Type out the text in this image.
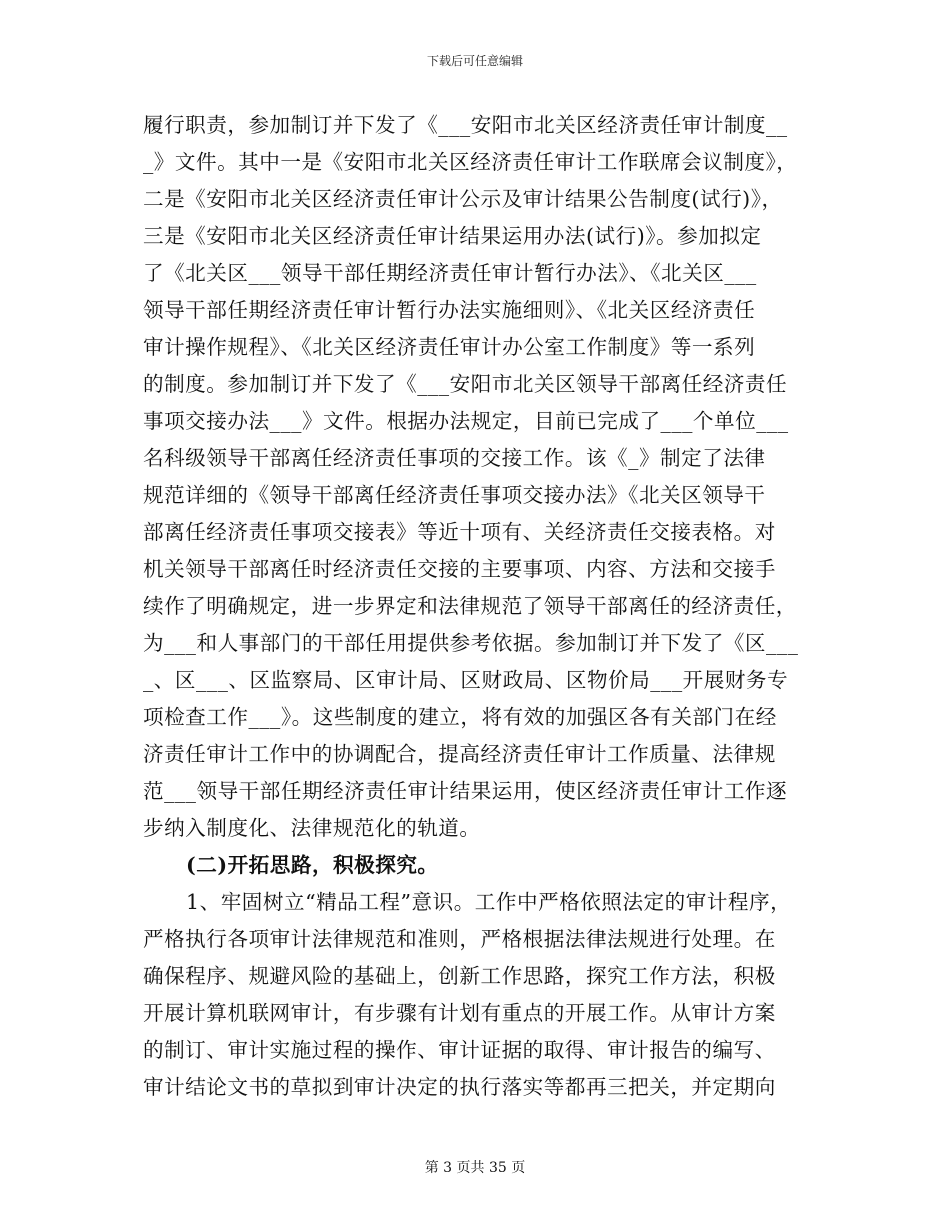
下载后可任意编辑
履行职责，参加制订并下发了《___安阳市北关区经济责任审计制度__
_》文件。其中一是《安阳市北关区经济责任审计工作联席会议制度》，
二是《安阳市北关区经济责任审计公示及审计结果公告制度(试行)》，
三是《安阳市北关区经济责任审计结果运用办法(试行)》。参加拟定
了《北关区___领导干部任期经济责任审计暂行办法》、《北关区___
领导干部任期经济责任审计暂行办法实施细则》、《北关区经济责任
审计操作规程》、《北关区经济责任审计办公室工作制度》等一系列
的制度。参加制订并下发了《___安阳市北关区领导干部离任经济责任
事项交接办法___》文件。根据办法规定，目前已完成了___个单位___
名科级领导干部离任经济责任事项的交接工作。该《_》制定了法律
规范详细的《领导干部离任经济责任事项交接办法》《北关区领导干
部离任经济责任事项交接表》等近十项有、关经济责任交接表格。对
机关领导干部离任时经济责任交接的主要事项、内容、方法和交接手
续作了明确规定，进一步界定和法律规范了领导干部离任的经济责任，
为___和人事部门的干部任用提供参考依据。参加制订并下发了《区___
_、区___、区监察局、区审计局、区财政局、区物价局___开展财务专
项检查工作___》。这些制度的建立，将有效的加强区各有关部门在经
济责任审计工作中的协调配合，提高经济责任审计工作质量、法律规
范___领导干部任期经济责任审计结果运用，使区经济责任审计工作逐
步纳入制度化、法律规范化的轨道。
(二)开拓思路，积极探究。
1、牢固树立“精品工程”意识。工作中严格依照法定的审计程序，
严格执行各项审计法律规范和准则，严格根据法律法规进行处理。在
确保程序、规避风险的基础上，创新工作思路，探究工作方法，积极
开展计算机联网审计，有步骤有计划有重点的开展工作。从审计方案
的制订、审计实施过程的操作、审计证据的取得、审计报告的编写、
审计结论文书的草拟到审计决定的执行落实等都再三把关，并定期向
第 3 页共 35 页
